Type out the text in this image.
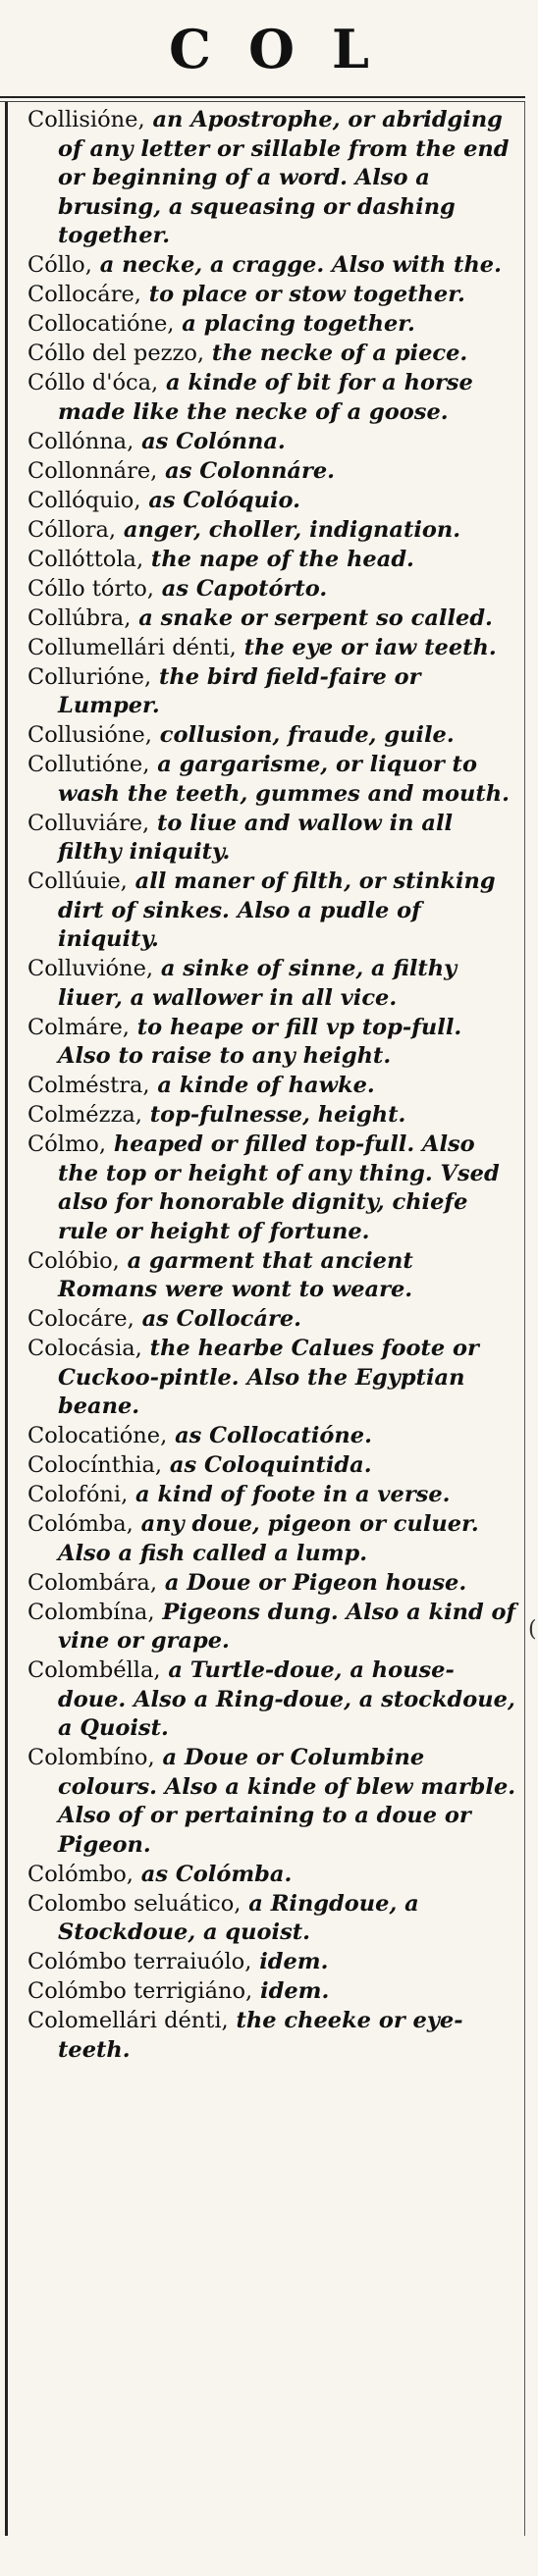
COL
(
Collisióne, an Apostrophe, or abridging of any letter or sillable from the end or beginning of a word. Also a brusing, a squeasing or dashing together.
Cóllo, a necke, a cragge. Also with the.
Collocáre, to place or stow together.
Collocatióne, a placing together.
Cóllo del pezzo, the necke of a piece.
Cóllo d'óca, a kinde of bit for a horse made like the necke of a goose.
Collónna, as Colónna.
Collonnáre, as Colonnáre.
Collóquio, as Colóquio.
Cóllora, anger, choller, indignation.
Collóttola, the nape of the head.
Cóllo tórto, as Capotórto.
Collúbra, a snake or serpent so called.
Collumellári dénti, the eye or iaw teeth.
Collurióne, the bird field-faire or Lumper.
Collusióne, collusion, fraude, guile.
Collutióne, a gargarisme, or liquor to wash the teeth, gummes and mouth.
Colluviáre, to liue and wallow in all filthy iniquity.
Collúuie, all maner of filth, or stinking dirt of sinkes. Also a pudle of iniquity.
Colluvióne, a sinke of sinne, a filthy liuer, a wallower in all vice.
Colmáre, to heape or fill vp top-full. Also to raise to any height.
Colméstra, a kinde of hawke.
Colmézza, top-fulnesse, height.
Cólmo, heaped or filled top-full. Also the top or height of any thing. Vsed also for honorable dignity, chiefe rule or height of fortune.
Colóbio, a garment that ancient Romans were wont to weare.
Colocáre, as Collocáre.
Colocásia, the hearbe Calues foote or Cuckoo-pintle. Also the Egyptian beane.
Colocatióne, as Collocatióne.
Colocínthia, as Coloquintida.
Colofóni, a kind of foote in a verse.
Colómba, any doue, pigeon or culuer. Also a fish called a lump.
Colombára, a Doue or Pigeon house.
Colombína, Pigeons dung. Also a kind of vine or grape.
Colombélla, a Turtle-doue, a house-doue. Also a Ring-doue, a stockdoue, a Quoist.
Colombíno, a Doue or Columbine colours. Also a kinde of blew marble. Also of or pertaining to a doue or Pigeon.
Colómbo, as Colómba.
Colombo seluático, a Ringdoue, a Stockdoue, a quoist.
Colómbo terraiuólo, idem.
Colómbo terrigiáno, idem.
Colomellári dénti, the cheeke or eye-teeth.
